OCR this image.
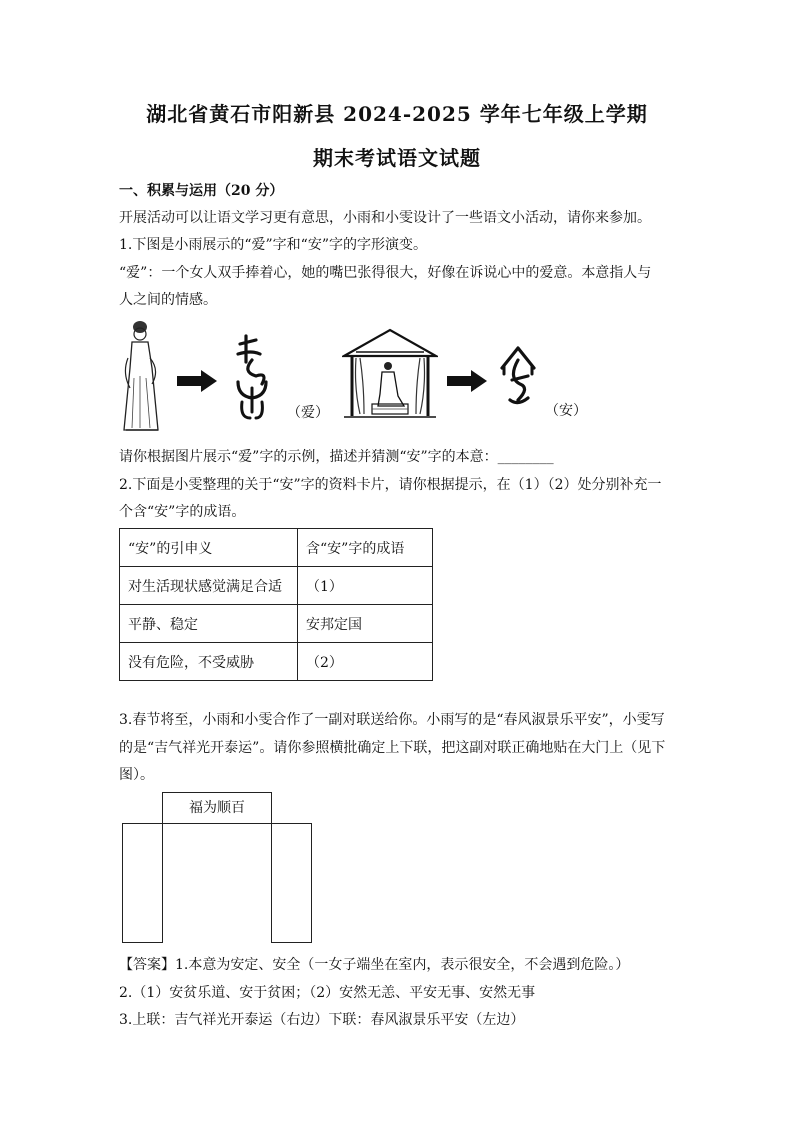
湖北省黄石市阳新县 2024-2025 学年七年级上学期
期末考试语文试题
一、积累与运用（20 分）
开展活动可以让语文学习更有意思，小雨和小雯设计了一些语文小活动，请你来参加。
1.下图是小雨展示的“爱”字和“安”字的字形演变。
“爱”：一个女人双手捧着心，她的嘴巴张得很大，好像在诉说心中的爱意。本意指人与
人之间的情感。
（爱）	（安）
请你根据图片展示“爱”字的示例，描述并猜测“安”字的本意：________
2.下面是小雯整理的关于“安”字的资料卡片，请你根据提示，在（1）（2）处分别补充一
个含“安”字的成语。
“安”的引申义	含“安”字的成语
对生活现状感觉满足合适	（1）
平静、稳定	安邦定国
没有危险，不受威胁	（2）
3.春节将至，小雨和小雯合作了一副对联送给你。小雨写的是“春风淑景乐平安”，小雯写
的是“吉气祥光开泰运”。请你参照横批确定上下联，把这副对联正确地贴在大门上（见下
图）。
福为顺百
【答案】1.本意为安定、安全（一女子端坐在室内，表示很安全，不会遇到危险。）
2.（1）安贫乐道、安于贫困；（2）安然无恙、平安无事、安然无事
3.上联：吉气祥光开泰运（右边）下联：春风淑景乐平安（左边）
